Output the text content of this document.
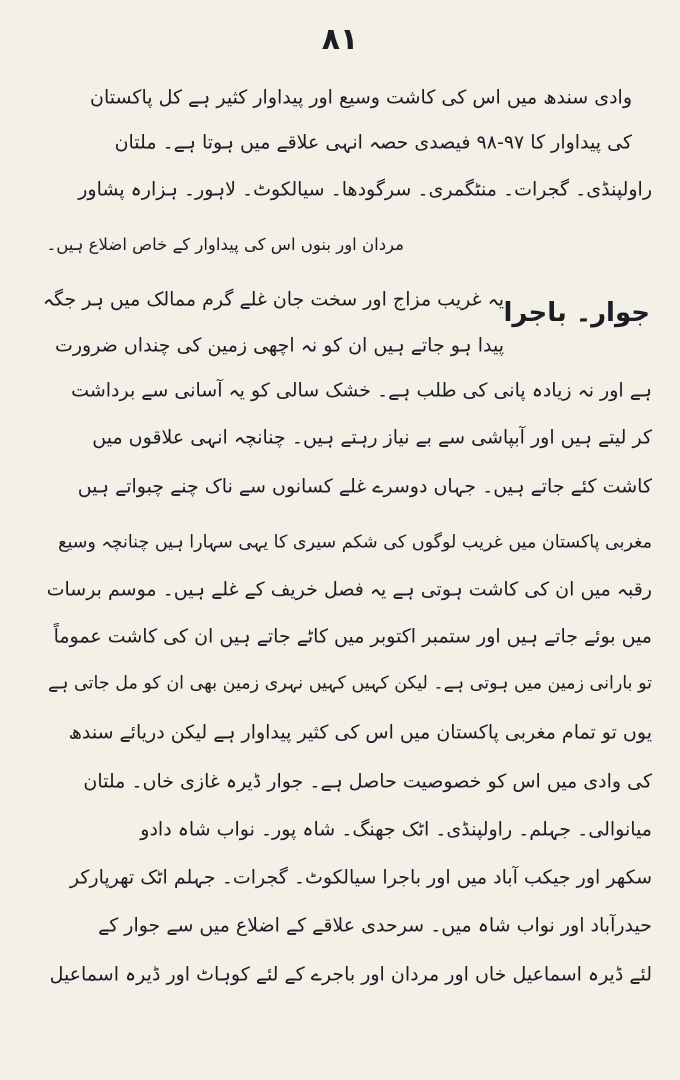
۸۱
وادی سندھ میں اس کی کاشت وسیع اور پیداوار کثیر ہے کل پاکستان
کی پیداوار کا ۹۷-۹۸ فیصدی حصہ انہی علاقے میں ہوتا ہے۔ ملتان
راولپنڈی۔ گجرات۔ منٹگمری۔ سرگودھا۔ سیالکوٹ۔ لاہور۔ ہزارہ پشاور
مردان اور بنوں اس کی پیداوار کے خاص اضلاع ہیں۔
جوار۔ باجرا
یہ غریب مزاج اور سخت جان غلے گرم ممالک میں ہر جگہ
پیدا ہو جاتے ہیں ان کو نہ اچھی زمین کی چنداں ضرورت
ہے اور نہ زیادہ پانی کی طلب ہے۔ خشک سالی کو یہ آسانی سے برداشت
کر لیتے ہیں اور آبپاشی سے بے نیاز رہتے ہیں۔ چنانچہ انہی علاقوں میں
کاشت کئے جاتے ہیں۔ جہاں دوسرے غلے کسانوں سے ناک چنے چبواتے ہیں
مغربی پاکستان میں غریب لوگوں کی شکم سیری کا یہی سہارا ہیں چنانچہ وسیع
رقبہ میں ان کی کاشت ہوتی ہے یہ فصل خریف کے غلے ہیں۔ موسم برسات
میں بوئے جاتے ہیں اور ستمبر اکتوبر میں کاٹے جاتے ہیں ان کی کاشت عموماً
تو بارانی زمین میں ہوتی ہے۔ لیکن کہیں کہیں نہری زمین بھی ان کو مل جاتی ہے
یوں تو تمام مغربی پاکستان میں اس کی کثیر پیداوار ہے لیکن دریائے سندھ
کی وادی میں اس کو خصوصیت حاصل ہے۔ جوار ڈیرہ غازی خاں۔ ملتان
میانوالی۔ جہلم۔ راولپنڈی۔ اٹک جھنگ۔ شاہ پور۔ نواب شاہ دادو
سکھر اور جیکب آباد میں اور باجرا سیالکوٹ۔ گجرات۔ جہلم اٹک تھرپارکر
حیدرآباد اور نواب شاہ میں۔ سرحدی علاقے کے اضلاع میں سے جوار کے
لئے ڈیرہ اسماعیل خاں اور مردان اور باجرے کے لئے کوہاٹ اور ڈیرہ اسماعیل
